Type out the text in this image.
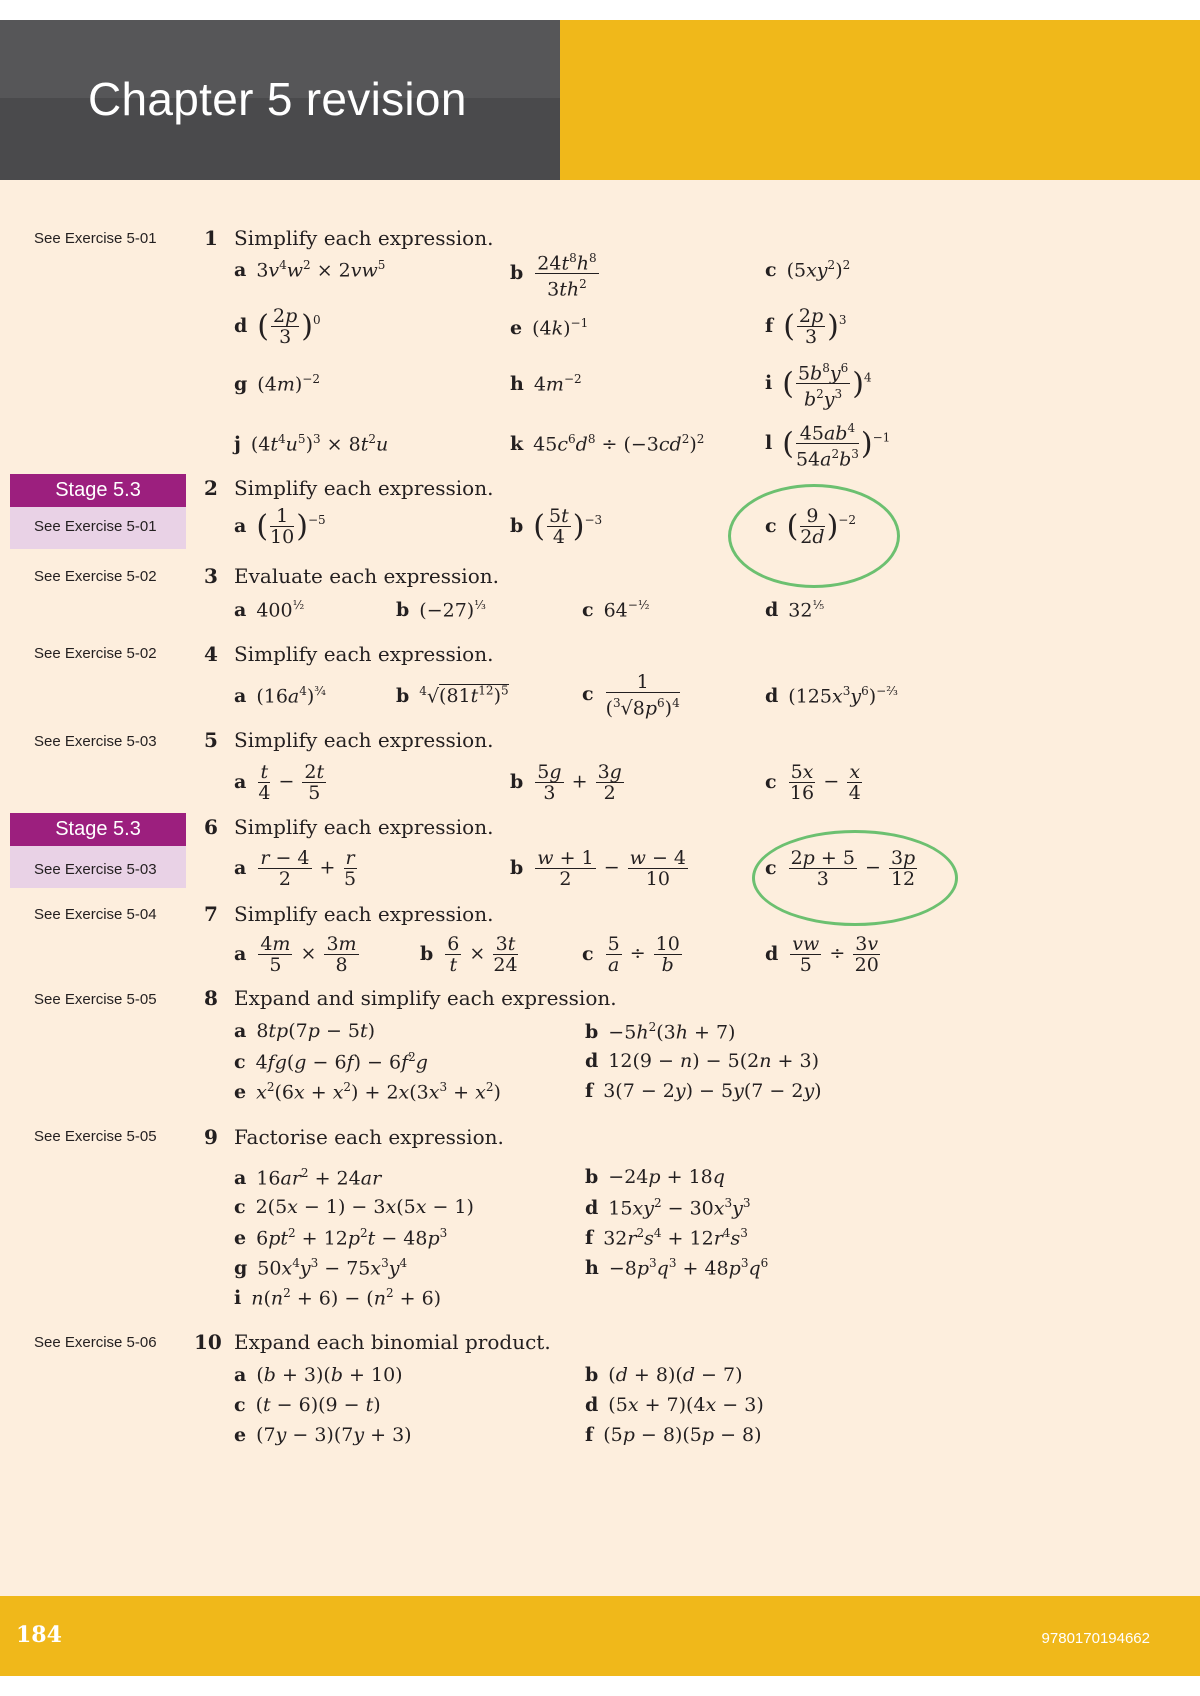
Chapter 5 revision
Stage 5.3
Stage 5.3
See Exercise 5-01
See Exercise 5-01
See Exercise 5-02
See Exercise 5-02
See Exercise 5-03
See Exercise 5-03
See Exercise 5-04
See Exercise 5-05
See Exercise 5-05
See Exercise 5-06
1 Simplify each expression.
a $3v^4w^2 \times 2vw^5$	b $\frac{24t^8h^8}{3th^2}$	c $(5xy^2)^2$
d ( $\frac{2p}{3} )^0$	e $(4k)^{-1}$	f ( $\frac{2p}{3} )^3$
g $(4m)^{-2}$	h $4m^{-2}$	i ( $\frac{5b^8y^6}{b^2y^3} )^4$
j $(4t^4u^5)^3 \times 8t^2u$	k $45c^6d^8 \div (-3cd^2)^2$	l ( $\frac{45ab^4}{54a^2b^3} )^{-1}$
2 Simplify each expression.
a ( $\frac{1}{10} )^{-5}$	b ( $\frac{5t}{4} )^{-3}$	c ( $\frac{9}{2d} )^{-2}$
3 Evaluate each expression.
a $400^{\frac{1}{2}}$	b $(-27)^{\frac{1}{3}}$	c $64^{-\frac{1}{2}}$	d $32^{\frac{1}{5}}$
4 Simplify each expression.
a $(16a^4)^{\frac{3}{4}}$	b $^4√(81t^{12})^5$	c $\frac{1}{(^3√8p^6)^4}$	d $(125x^3y^6)^{-\frac{2}{3}}$
5 Simplify each expression.
a $\frac{t}{4} - \frac{2t}{5}$	b $\frac{5g}{3} + \frac{3g}{2}$	c $\frac{5x}{16} - \frac{x}{4}$
6 Simplify each expression.
a $\frac{r - 4}{2} + \frac{r}{5}$	b $\frac{w + 1}{2} - \frac{w - 4}{10}$	c $\frac{2p + 5}{3} - \frac{3p}{12}$
7 Simplify each expression.
a $\frac{4m}{5} \times \frac{3m}{8}$	b $\frac{6}{t} \times \frac{3t}{24}$	c $\frac{5}{a} \div \frac{10}{b}$	d $\frac{vw}{5} \div \frac{3v}{20}$
8 Expand and simplify each expression.
a 8tp(7p − 5t)	$b -5h^2(3h + 7)$
c $4fg(g - 6f) - 6f^2g$	d 12(9 − n) − 5(2n + 3)
e $x^2(6x + x^2) + 2x(3x^3 + x^2)$	f 3(7 − 2y) − 5y(7 − 2y)
9 Factorise each expression.
a $16ar^2 + 24ar$	b −24p + 18q
c 2(5x − 1) − 3x(5x − 1)	d $15xy^2 - 30x^3y^3$
e $6pt^2 + 12p^2t - 48p^3$	f $32r^2s^4 + 12r^4s^3$
g $50x^4y^3 - 75x^3y^4$	$h -8p^3q^3 + 48p^3q^6$
i $n(n^2 + 6) - (n^2 + 6)$
10 Expand each binomial product.
a (b + 3)(b + 10)	b (d + 8)(d − 7)
c (t − 6)(9 − t)	d (5x + 7)(4x − 3)
e (7y − 3)(7y + 3)	f (5p − 8)(5p − 8)
184	9780170194662
